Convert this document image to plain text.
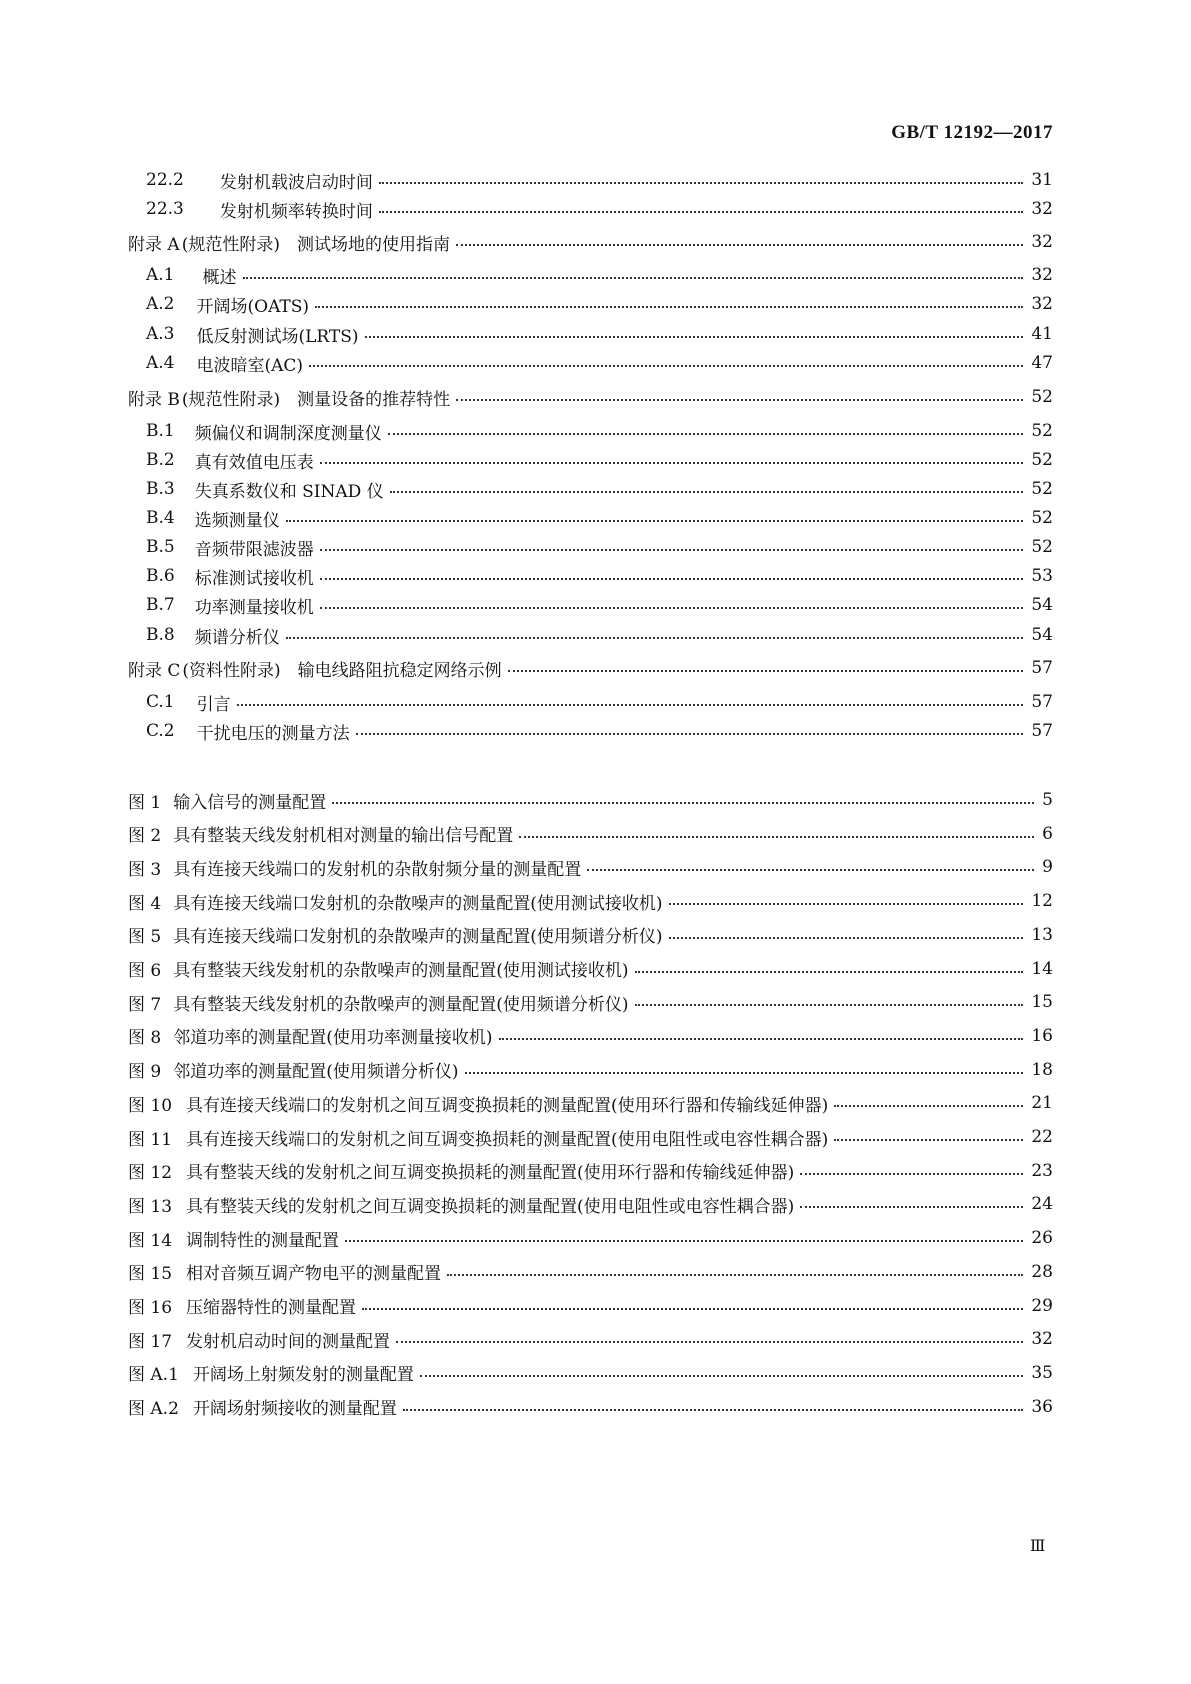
GB/T 12192—2017
22.2 发射机载波启动时间	31
22.3 发射机频率转换时间	32
附录 A (规范性附录)　测试场地的使用指南	32
A.1 概述	32
A.2 开阔场(OATS)	32
A.3 低反射测试场(LRTS)	41
A.4 电波暗室(AC)	47
附录 B (规范性附录)　测量设备的推荐特性	52
B.1 频偏仪和调制深度测量仪	52
B.2 真有效值电压表	52
B.3 失真系数仪和 SINAD 仪	52
B.4 选频测量仪	52
B.5 音频带限滤波器	52
B.6 标准测试接收机	53
B.7 功率测量接收机	54
B.8 频谱分析仪	54
附录 C (资料性附录)　输电线路阻抗稳定网络示例	57
C.1 引言	57
C.2 干扰电压的测量方法	57
图 1 输入信号的测量配置	5
图 2 具有整装天线发射机相对测量的输出信号配置	6
图 3 具有连接天线端口的发射机的杂散射频分量的测量配置	9
图 4 具有连接天线端口发射机的杂散噪声的测量配置(使用测试接收机)	12
图 5 具有连接天线端口发射机的杂散噪声的测量配置(使用频谱分析仪)	13
图 6 具有整装天线发射机的杂散噪声的测量配置(使用测试接收机)	14
图 7 具有整装天线发射机的杂散噪声的测量配置(使用频谱分析仪)	15
图 8 邻道功率的测量配置(使用功率测量接收机)	16
图 9 邻道功率的测量配置(使用频谱分析仪)	18
图 10 具有连接天线端口的发射机之间互调变换损耗的测量配置(使用环行器和传输线延伸器)	21
图 11 具有连接天线端口的发射机之间互调变换损耗的测量配置(使用电阻性或电容性耦合器)	22
图 12 具有整装天线的发射机之间互调变换损耗的测量配置(使用环行器和传输线延伸器)	23
图 13 具有整装天线的发射机之间互调变换损耗的测量配置(使用电阻性或电容性耦合器)	24
图 14 调制特性的测量配置	26
图 15 相对音频互调产物电平的测量配置	28
图 16 压缩器特性的测量配置	29
图 17 发射机启动时间的测量配置	32
图 A.1 开阔场上射频发射的测量配置	35
图 A.2 开阔场射频接收的测量配置	36
Ⅲ
